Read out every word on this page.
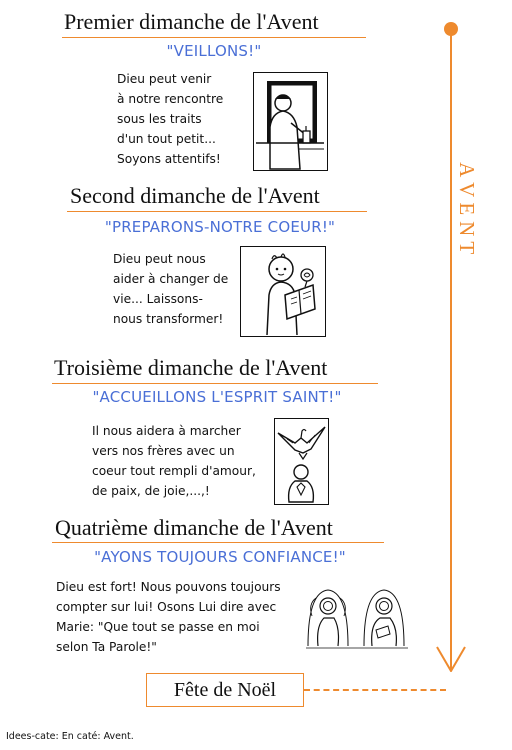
Premier dimanche de l'Avent
"VEILLONS!"
Dieu peut venir
à notre rencontre
sous les traits
d'un tout petit...
Soyons attentifs!
Second dimanche de l'Avent
"PREPARONS-NOTRE COEUR!"
Dieu peut nous
aider à changer de
vie... Laissons-
nous transformer!
Troisième dimanche de l'Avent
"ACCUEILLONS L'ESPRIT SAINT!"
Il nous aidera à marcher
vers nos frères avec un
coeur tout rempli d'amour,
de paix, de joie,...,!
Quatrième dimanche de l'Avent
"AYONS TOUJOURS CONFIANCE!"
Dieu est fort! Nous pouvons toujours
compter sur lui! Osons Lui dire avec
Marie: "Que tout se passe en moi
selon Ta Parole!"
A
V
E
N
T
Fête de Noël
Idees-cate: En caté: Avent.
